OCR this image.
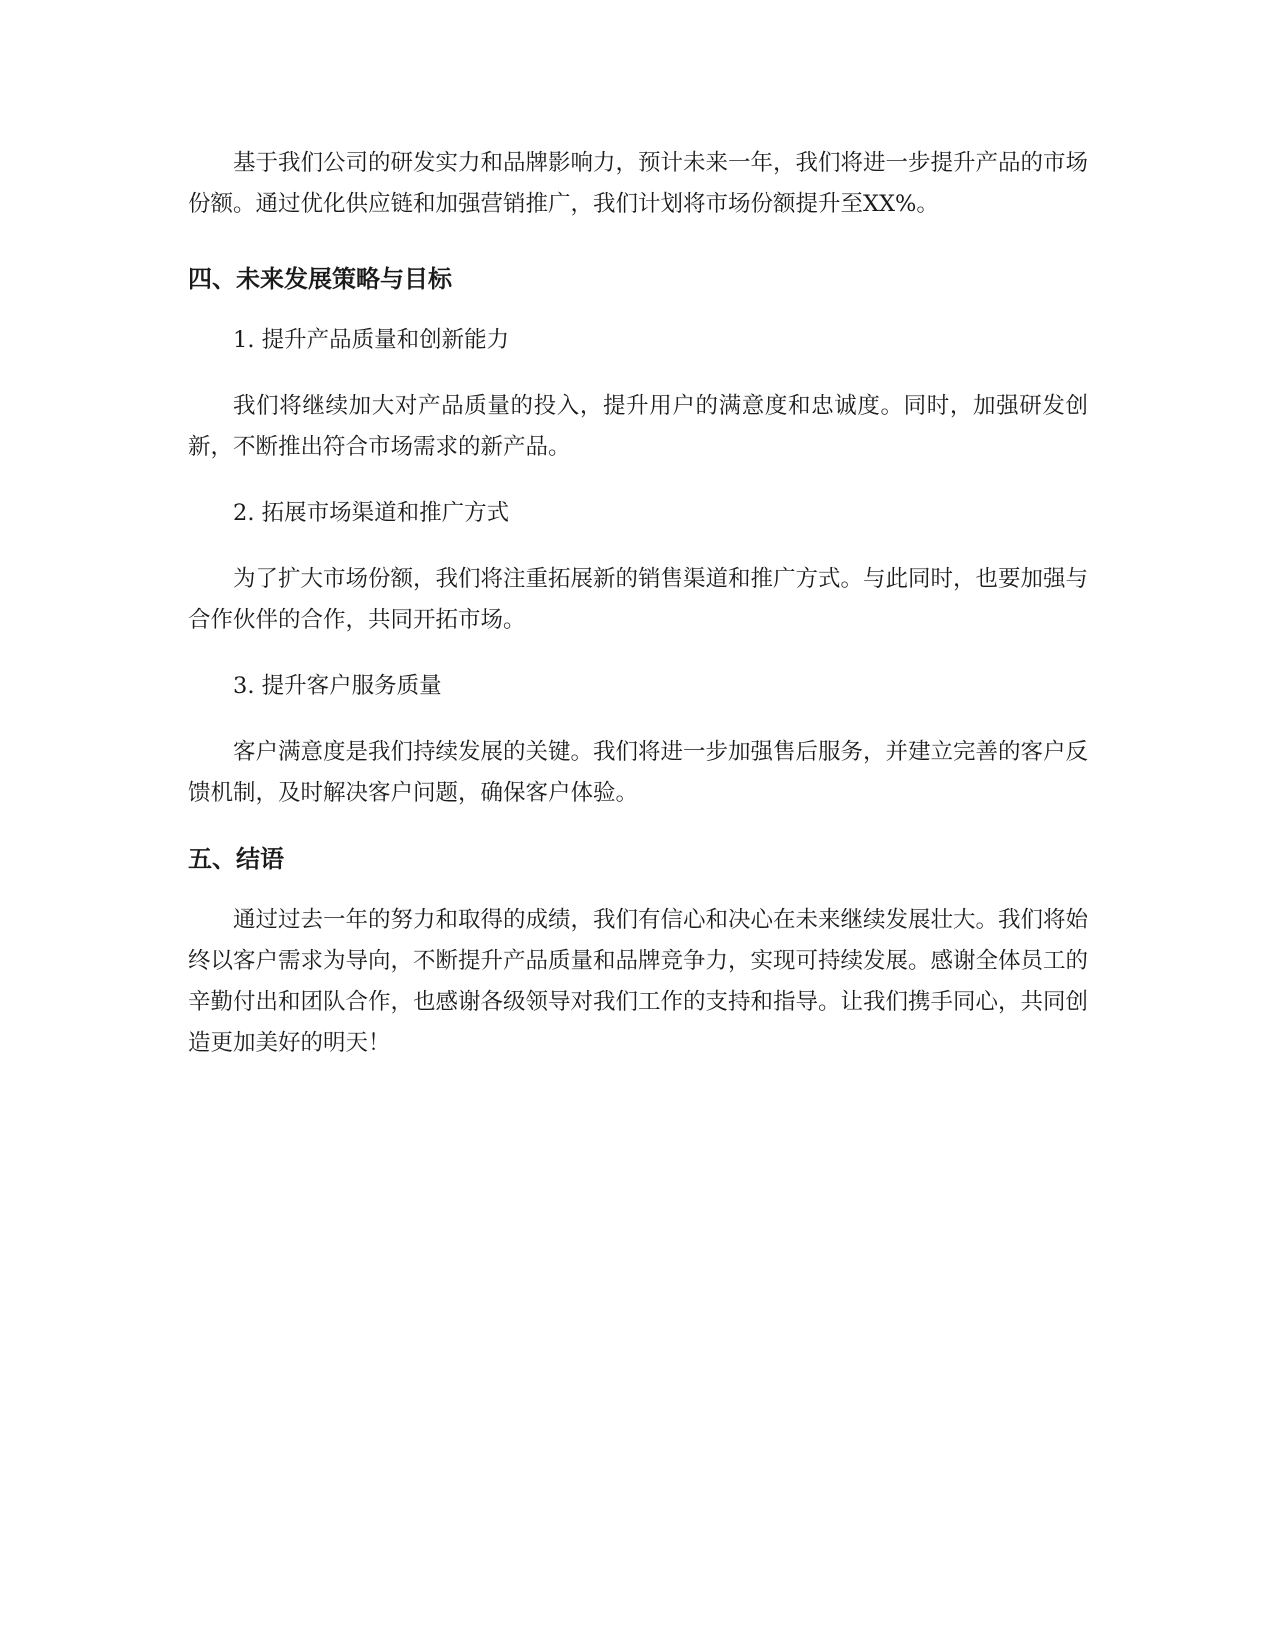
基于我们公司的研发实力和品牌影响力，预计未来一年，我们将进一步提升产品的市场份额。通过优化供应链和加强营销推广，我们计划将市场份额提升至XX%。

四、未来发展策略与目标
1. 提升产品质量和创新能力

我们将继续加大对产品质量的投入，提升用户的满意度和忠诚度。同时，加强研发创新，不断推出符合市场需求的新产品。

2. 拓展市场渠道和推广方式

为了扩大市场份额，我们将注重拓展新的销售渠道和推广方式。与此同时，也要加强与合作伙伴的合作，共同开拓市场。

3. 提升客户服务质量

客户满意度是我们持续发展的关键。我们将进一步加强售后服务，并建立完善的客户反馈机制，及时解决客户问题，确保客户体验。

五、结语

通过过去一年的努力和取得的成绩，我们有信心和决心在未来继续发展壮大。我们将始终以客户需求为导向，不断提升产品质量和品牌竞争力，实现可持续发展。感谢全体员工的辛勤付出和团队合作，也感谢各级领导对我们工作的支持和指导。让我们携手同心，共同创造更加美好的明天！
